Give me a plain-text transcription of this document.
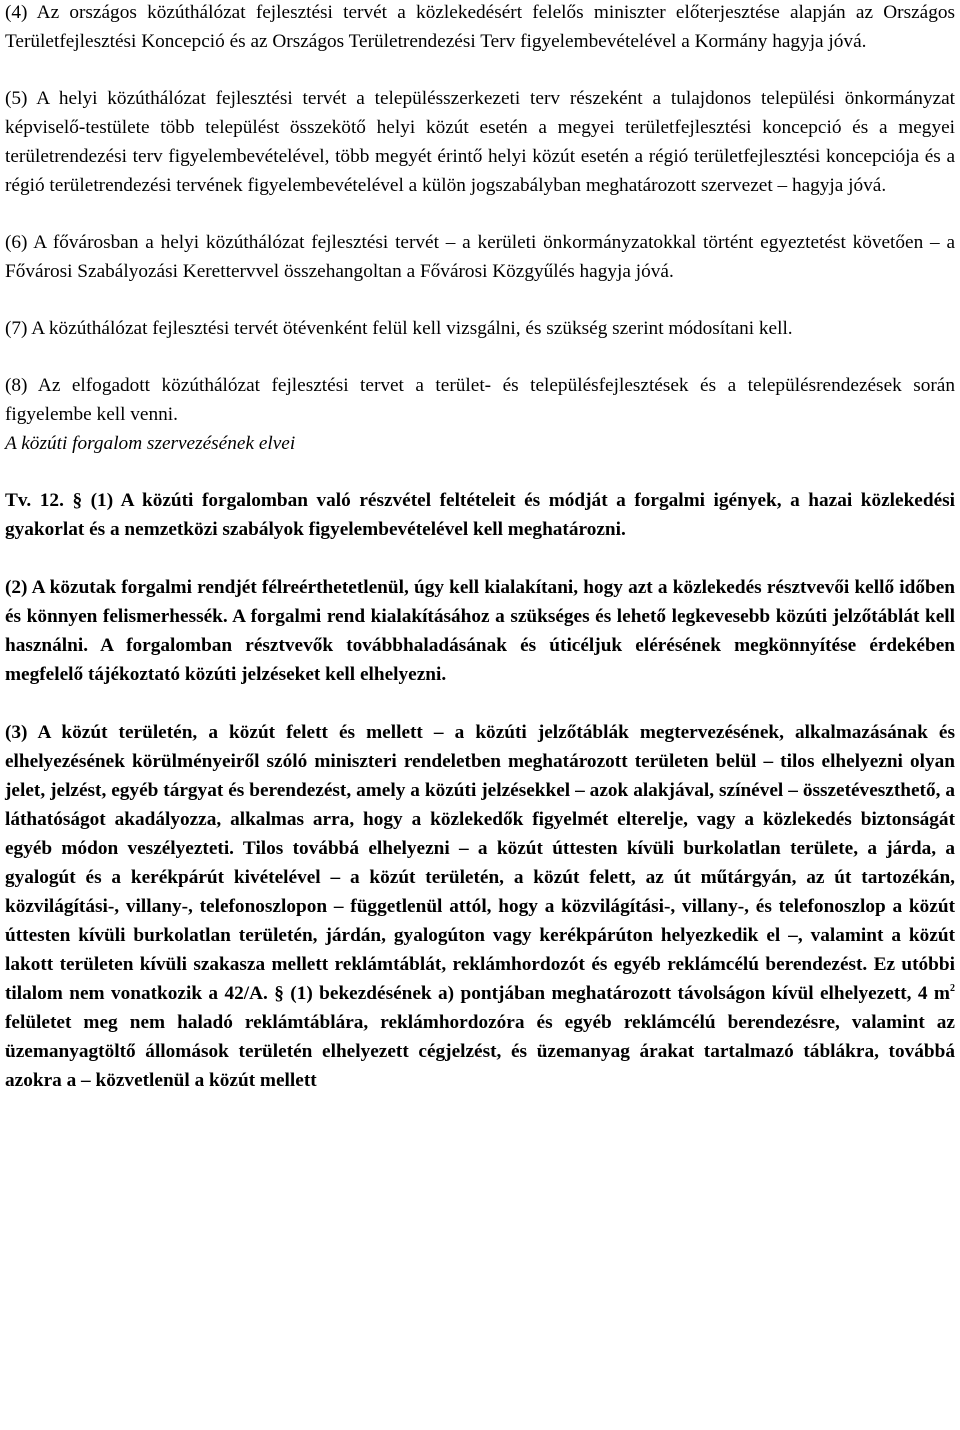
(4) Az országos közúthálózat fejlesztési tervét a közlekedésért felelős miniszter előterjesztése alapján az Országos Területfejlesztési Koncepció és az Országos Területrendezési Terv figyelembevételével a Kormány hagyja jóvá.

(5) A helyi közúthálózat fejlesztési tervét a településszerkezeti terv részeként a tulajdonos települési önkormányzat képviselő-testülete több települést összekötő helyi közút esetén a megyei területfejlesztési koncepció és a megyei területrendezési terv figyelembevételével, több megyét érintő helyi közút esetén a régió területfejlesztési koncepciója és a régió területrendezési tervének figyelembevételével a külön jogszabályban meghatározott szervezet – hagyja jóvá.

(6) A fővárosban a helyi közúthálózat fejlesztési tervét – a kerületi önkormányzatokkal történt egyeztetést követően – a Fővárosi Szabályozási Kerettervvel összehangoltan a Fővárosi Közgyűlés hagyja jóvá.

(7) A közúthálózat fejlesztési tervét ötévenként felül kell vizsgálni, és szükség szerint módosítani kell.

(8) Az elfogadott közúthálózat fejlesztési tervet a terület- és településfejlesztések és a településrendezések során figyelembe kell venni.

A közúti forgalom szervezésének elvei

Tv. 12. § (1) A közúti forgalomban való részvétel feltételeit és módját a forgalmi igények, a hazai közlekedési gyakorlat és a nemzetközi szabályok figyelembevételével kell meghatározni.

(2) A közutak forgalmi rendjét félreérthetetlenül, úgy kell kialakítani, hogy azt a közlekedés résztvevői kellő időben és könnyen felismerhessék. A forgalmi rend kialakításához a szükséges és lehető legkevesebb közúti jelzőtáblát kell használni. A forgalomban résztvevők továbbhaladásának és úticéljuk elérésének megkönnyítése érdekében megfelelő tájékoztató közúti jelzéseket kell elhelyezni.

(3) A közút területén, a közút felett és mellett – a közúti jelzőtáblák megtervezésének, alkalmazásának és elhelyezésének körülményeiről szóló miniszteri rendeletben meghatározott területen belül – tilos elhelyezni olyan jelet, jelzést, egyéb tárgyat és berendezést, amely a közúti jelzésekkel – azok alakjával, színével – összetéveszthető, a láthatóságot akadályozza, alkalmas arra, hogy a közlekedők figyelmét elterelje, vagy a közlekedés biztonságát egyéb módon veszélyezteti. Tilos továbbá elhelyezni – a közút úttesten kívüli burkolatlan területe, a járda, a gyalogút és a kerékpárút kivételével – a közút területén, a közút felett, az út műtárgyán, az út tartozékán, közvilágítási-, villany-, telefonoszlopon – függetlenül attól, hogy a közvilágítási-, villany-, és telefonoszlop a közút úttesten kívüli burkolatlan területén, járdán, gyalogúton vagy kerékpárúton helyezkedik el –, valamint a közút lakott területen kívüli szakasza mellett reklámtáblát, reklámhordozót és egyéb reklámcélú berendezést. Ez utóbbi tilalom nem vonatkozik a 42/A. § (1) bekezdésének a) pontjában meghatározott távolságon kívül elhelyezett, 4 $m^2$ felületet meg nem haladó reklámtáblára, reklámhordozóra és egyéb reklámcélú berendezésre, valamint az üzemanyagtöltő állomások területén elhelyezett cégjelzést, és üzemanyag árakat tartalmazó táblákra, továbbá azokra a – közvetlenül a közút mellett
